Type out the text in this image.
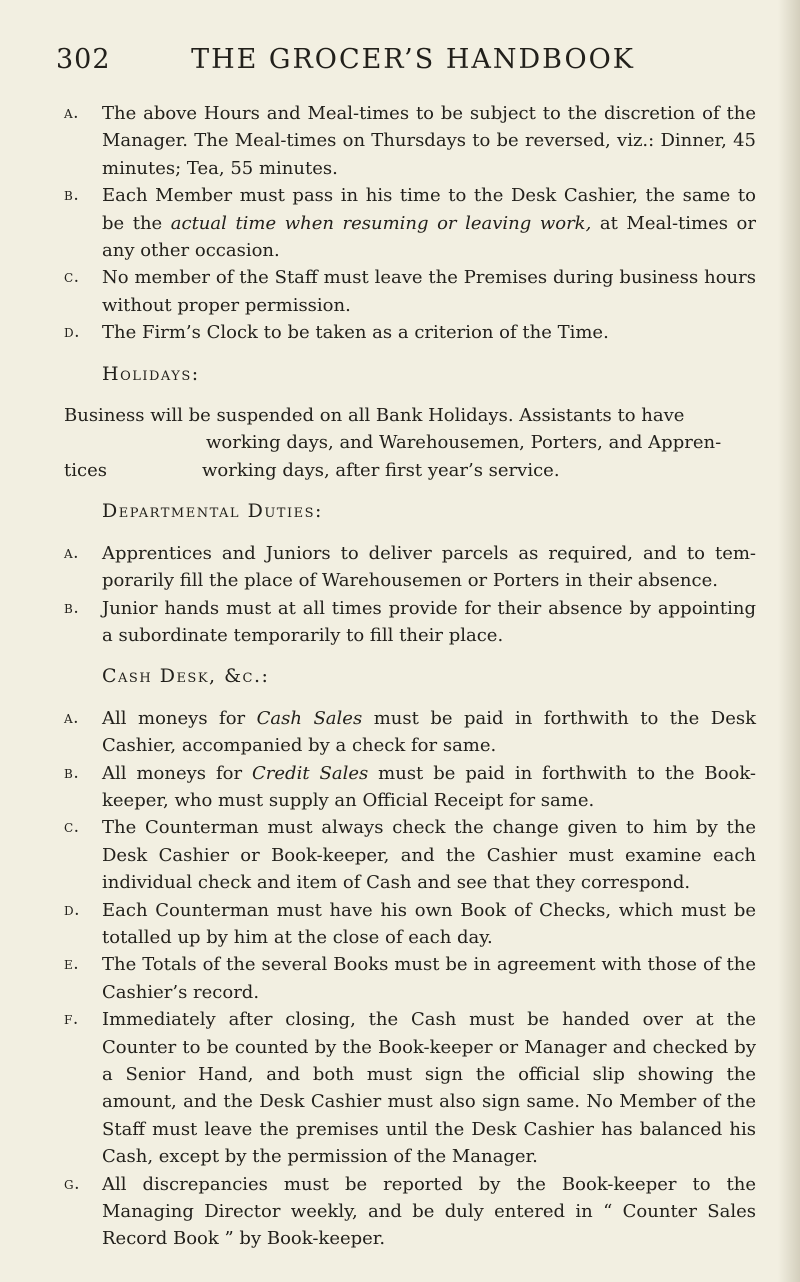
302	THE GROCER’S HANDBOOK
a. The above Hours and Meal-times to be subject to the discretion of the Manager. The Meal-times on Thursdays to be reversed, viz.: Dinner, 45 minutes; Tea, 55 minutes.
b. Each Member must pass in his time to the Desk Cashier, the same to be the actual time when resuming or leaving work, at Meal-times or any other occasion.
c. No member of the Staff must leave the Premises during business hours without proper permission.
d. The Firm’s Clock to be taken as a criterion of the Time.
Holidays:
Business will be suspended on all Bank Holidays. Assistants to have
working days, and Warehousemen, Porters, and Appren-
tices	working days, after first year’s service.
Departmental Duties:
a. Apprentices and Juniors to deliver parcels as required, and to tem-porarily fill the place of Warehousemen or Porters in their absence.
b. Junior hands must at all times provide for their absence by appointing a subordinate temporarily to fill their place.
Cash Desk, &c.:
a. All moneys for Cash Sales must be paid in forthwith to the Desk Cashier, accompanied by a check for same.
b. All moneys for Credit Sales must be paid in forthwith to the Book-keeper, who must supply an Official Receipt for same.
c. The Counterman must always check the change given to him by the Desk Cashier or Book-keeper, and the Cashier must examine each individual check and item of Cash and see that they correspond.
d. Each Counterman must have his own Book of Checks, which must be totalled up by him at the close of each day.
e. The Totals of the several Books must be in agreement with those of the Cashier’s record.
f. Immediately after closing, the Cash must be handed over at the Counter to be counted by the Book-keeper or Manager and checked by a Senior Hand, and both must sign the official slip showing the amount, and the Desk Cashier must also sign same. No Member of the Staff must leave the premises until the Desk Cashier has balanced his Cash, except by the permission of the Manager.
g. All discrepancies must be reported by the Book-keeper to the Managing Director weekly, and be duly entered in “ Counter Sales Record Book ” by Book-keeper.
